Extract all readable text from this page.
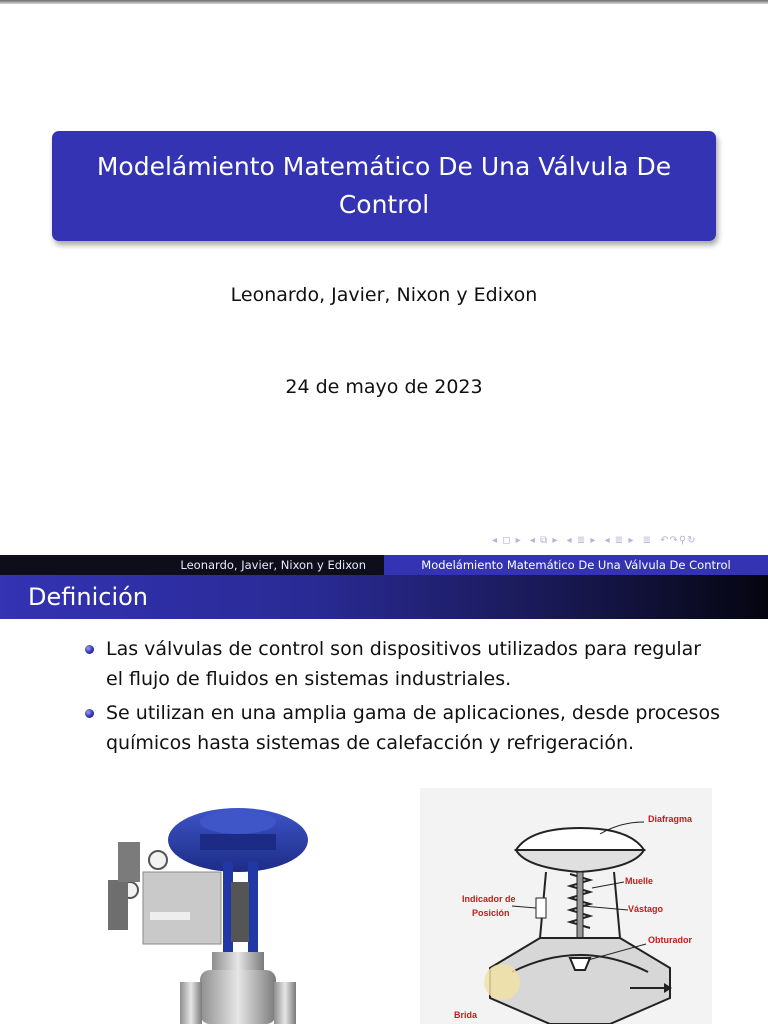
Modelámiento Matemático De Una Válvula De Control
Leonardo, Javier, Nixon y Edixon
24 de mayo de 2023
◂ ◻ ▸ ◂ ⧉ ▸ ◂ ≣ ▸ ◂ ≣ ▸ ≣ ↶↷⚲↻
Leonardo, Javier, Nixon y Edixon	Modelámiento Matemático De Una Válvula De Control
Definición
Las válvulas de control son dispositivos utilizados para regular el flujo de fluidos en sistemas industriales.
Se utilizan en una amplia gama de aplicaciones, desde procesos químicos hasta sistemas de calefacción y refrigeración.
Diafragma
Muelle
Indicador de
Posición	Vástago
Obturador
Brida
